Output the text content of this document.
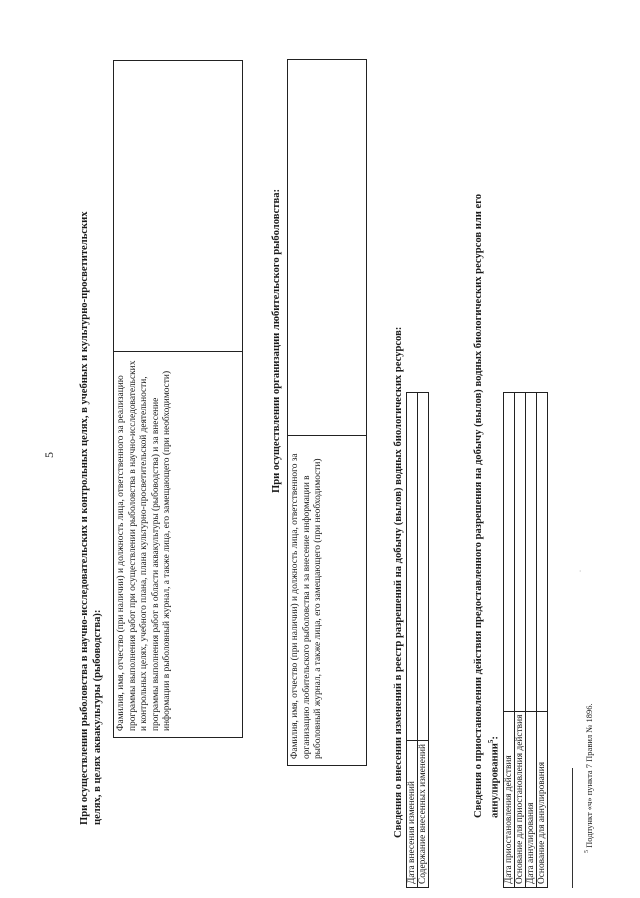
5 При осуществлении рыболовства в научно-исследовательских и контрольных целях, в учебных и культурно-просветительских целях, в целях аквакультуры (рыбоводства): Фамилия, имя, отчество (при наличии) и должность лица, ответственного за реализацию программы выполнения работ при осуществлении рыболовства в научно-исследовательских и контрольных целях, учебного плана, плана культурно-просветительской деятельности, программы выполнения работ в области аквакультуры (рыбоводства) и за внесение информации в рыболовный журнал, а также лица, его замещающего (при необходимости)	
При осуществлении организации любительского рыболовства:
Фамилия, имя, отчество (при наличии) и должность лица, ответственного за организацию любительского рыболовства и за внесение информации в рыболовный журнал, а также лица, его замещающего (при необходимости)		Сведения о внесении изменений в реестр разрешений на добычу (вылов) водных биологических ресурсов: Дата внесения изменений	
Содержание внесенных изменений		Сведения о приостановлении действия предоставленного разрешения на добычу (вылов) водных биологических ресурсов или его аннулировании$^5$:
Дата приостановления действия	
Основание для приостановления действия	
Дата аннулирования	
Основание для аннулирования		$^5$ Подпункт «ч» пункта 7 Правил № 1896.
·
